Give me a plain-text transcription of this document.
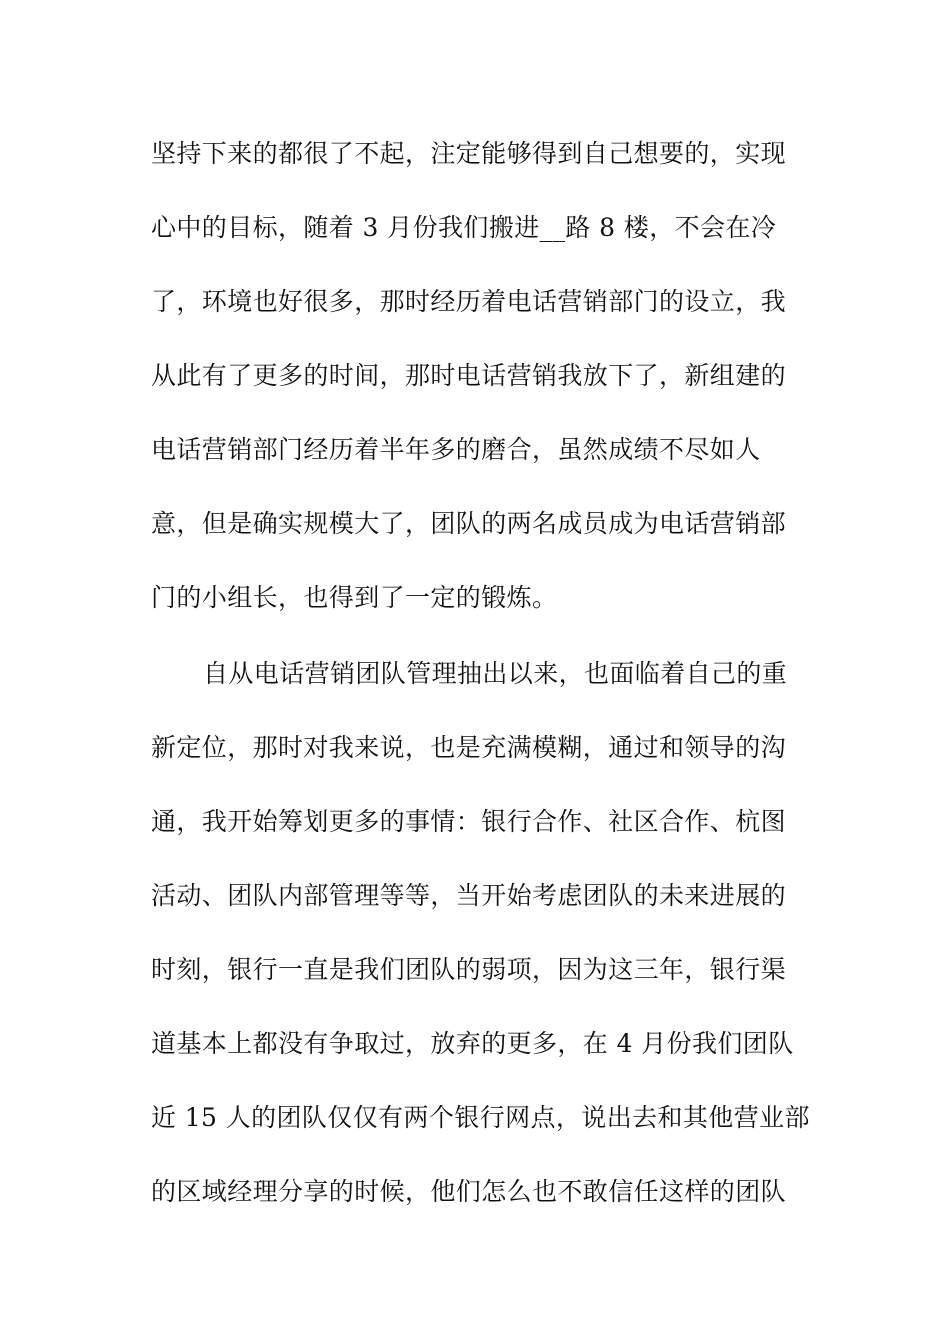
坚持下来的都很了不起，注定能够得到自己想要的，实现
心中的目标，随着 3 月份我们搬进__路 8 楼，不会在冷
了，环境也好很多，那时经历着电话营销部门的设立，我
从此有了更多的时间，那时电话营销我放下了，新组建的
电话营销部门经历着半年多的磨合，虽然成绩不尽如人
意，但是确实规模大了，团队的两名成员成为电话营销部
门的小组长，也得到了一定的锻炼。
自从电话营销团队管理抽出以来，也面临着自己的重
新定位，那时对我来说，也是充满模糊，通过和领导的沟
通，我开始筹划更多的事情：银行合作、社区合作、杭图
活动、团队内部管理等等，当开始考虑团队的未来进展的
时刻，银行一直是我们团队的弱项，因为这三年，银行渠
道基本上都没有争取过，放弃的更多，在 4 月份我们团队
近 15 人的团队仅仅有两个银行网点，说出去和其他营业部
的区域经理分享的时候，他们怎么也不敢信任这样的团队
